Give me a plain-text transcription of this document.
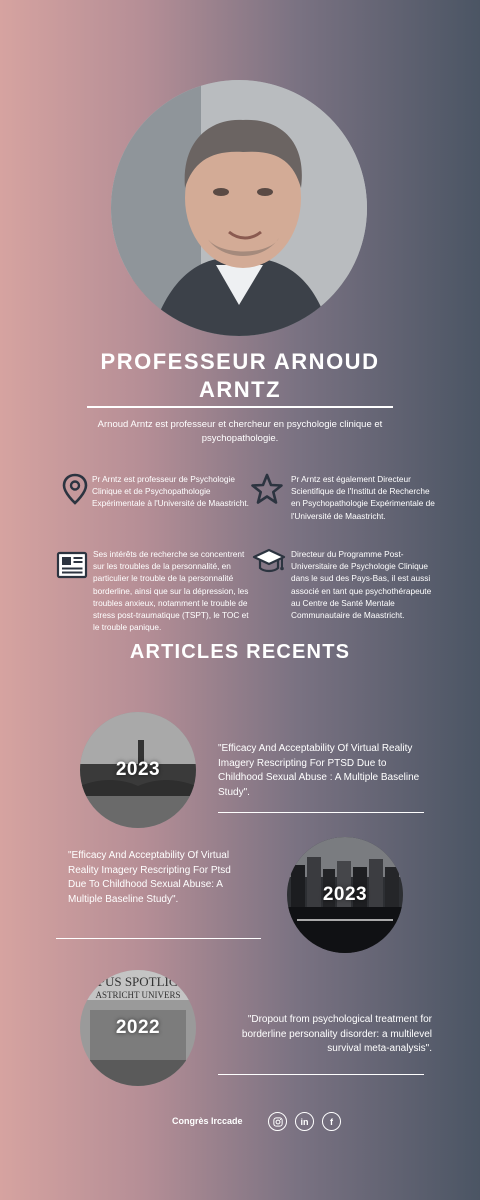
PROFESSEUR ARNOUD
ARNTZ
Arnoud Arntz est professeur et chercheur en psychologie clinique et psychopathologie.
Pr Arntz est professeur de Psychologie Clinique et de Psychopathologie Expérimentale à l'Université de Maastricht.
Pr Arntz est également Directeur Scientifique de l'Institut de Recherche en Psychopathologie Expérimentale de l'Université de Maastricht.
Ses intérêts de recherche se concentrent sur les troubles de la personnalité, en particulier le trouble de la personnalité borderline, ainsi que sur la dépression, les troubles anxieux, notamment le trouble de stress post-traumatique (TSPT), le TOC et le trouble panique.
Directeur du Programme Post-Universitaire de Psychologie Clinique dans le sud des Pays-Bas, il est aussi associé en tant que psychothérapeute au Centre de Santé Mentale Communautaire de Maastricht.
ARTICLES RECENTS
2023
"Efficacy And Acceptability Of Virtual Reality Imagery Rescripting For PTSD Due to Childhood Sexual Abuse : A Multiple Baseline Study".
2023
"Efficacy And Acceptability Of Virtual Reality Imagery Rescripting For Ptsd Due To Childhood Sexual Abuse: A Multiple Baseline Study".
PUS SPOTLIG
ASTRICHT UNIVERS
2022	"Dropout from psychological treatment for borderline personality disorder: a multilevel survival meta-analysis".
Congrès Irccade	in	f
